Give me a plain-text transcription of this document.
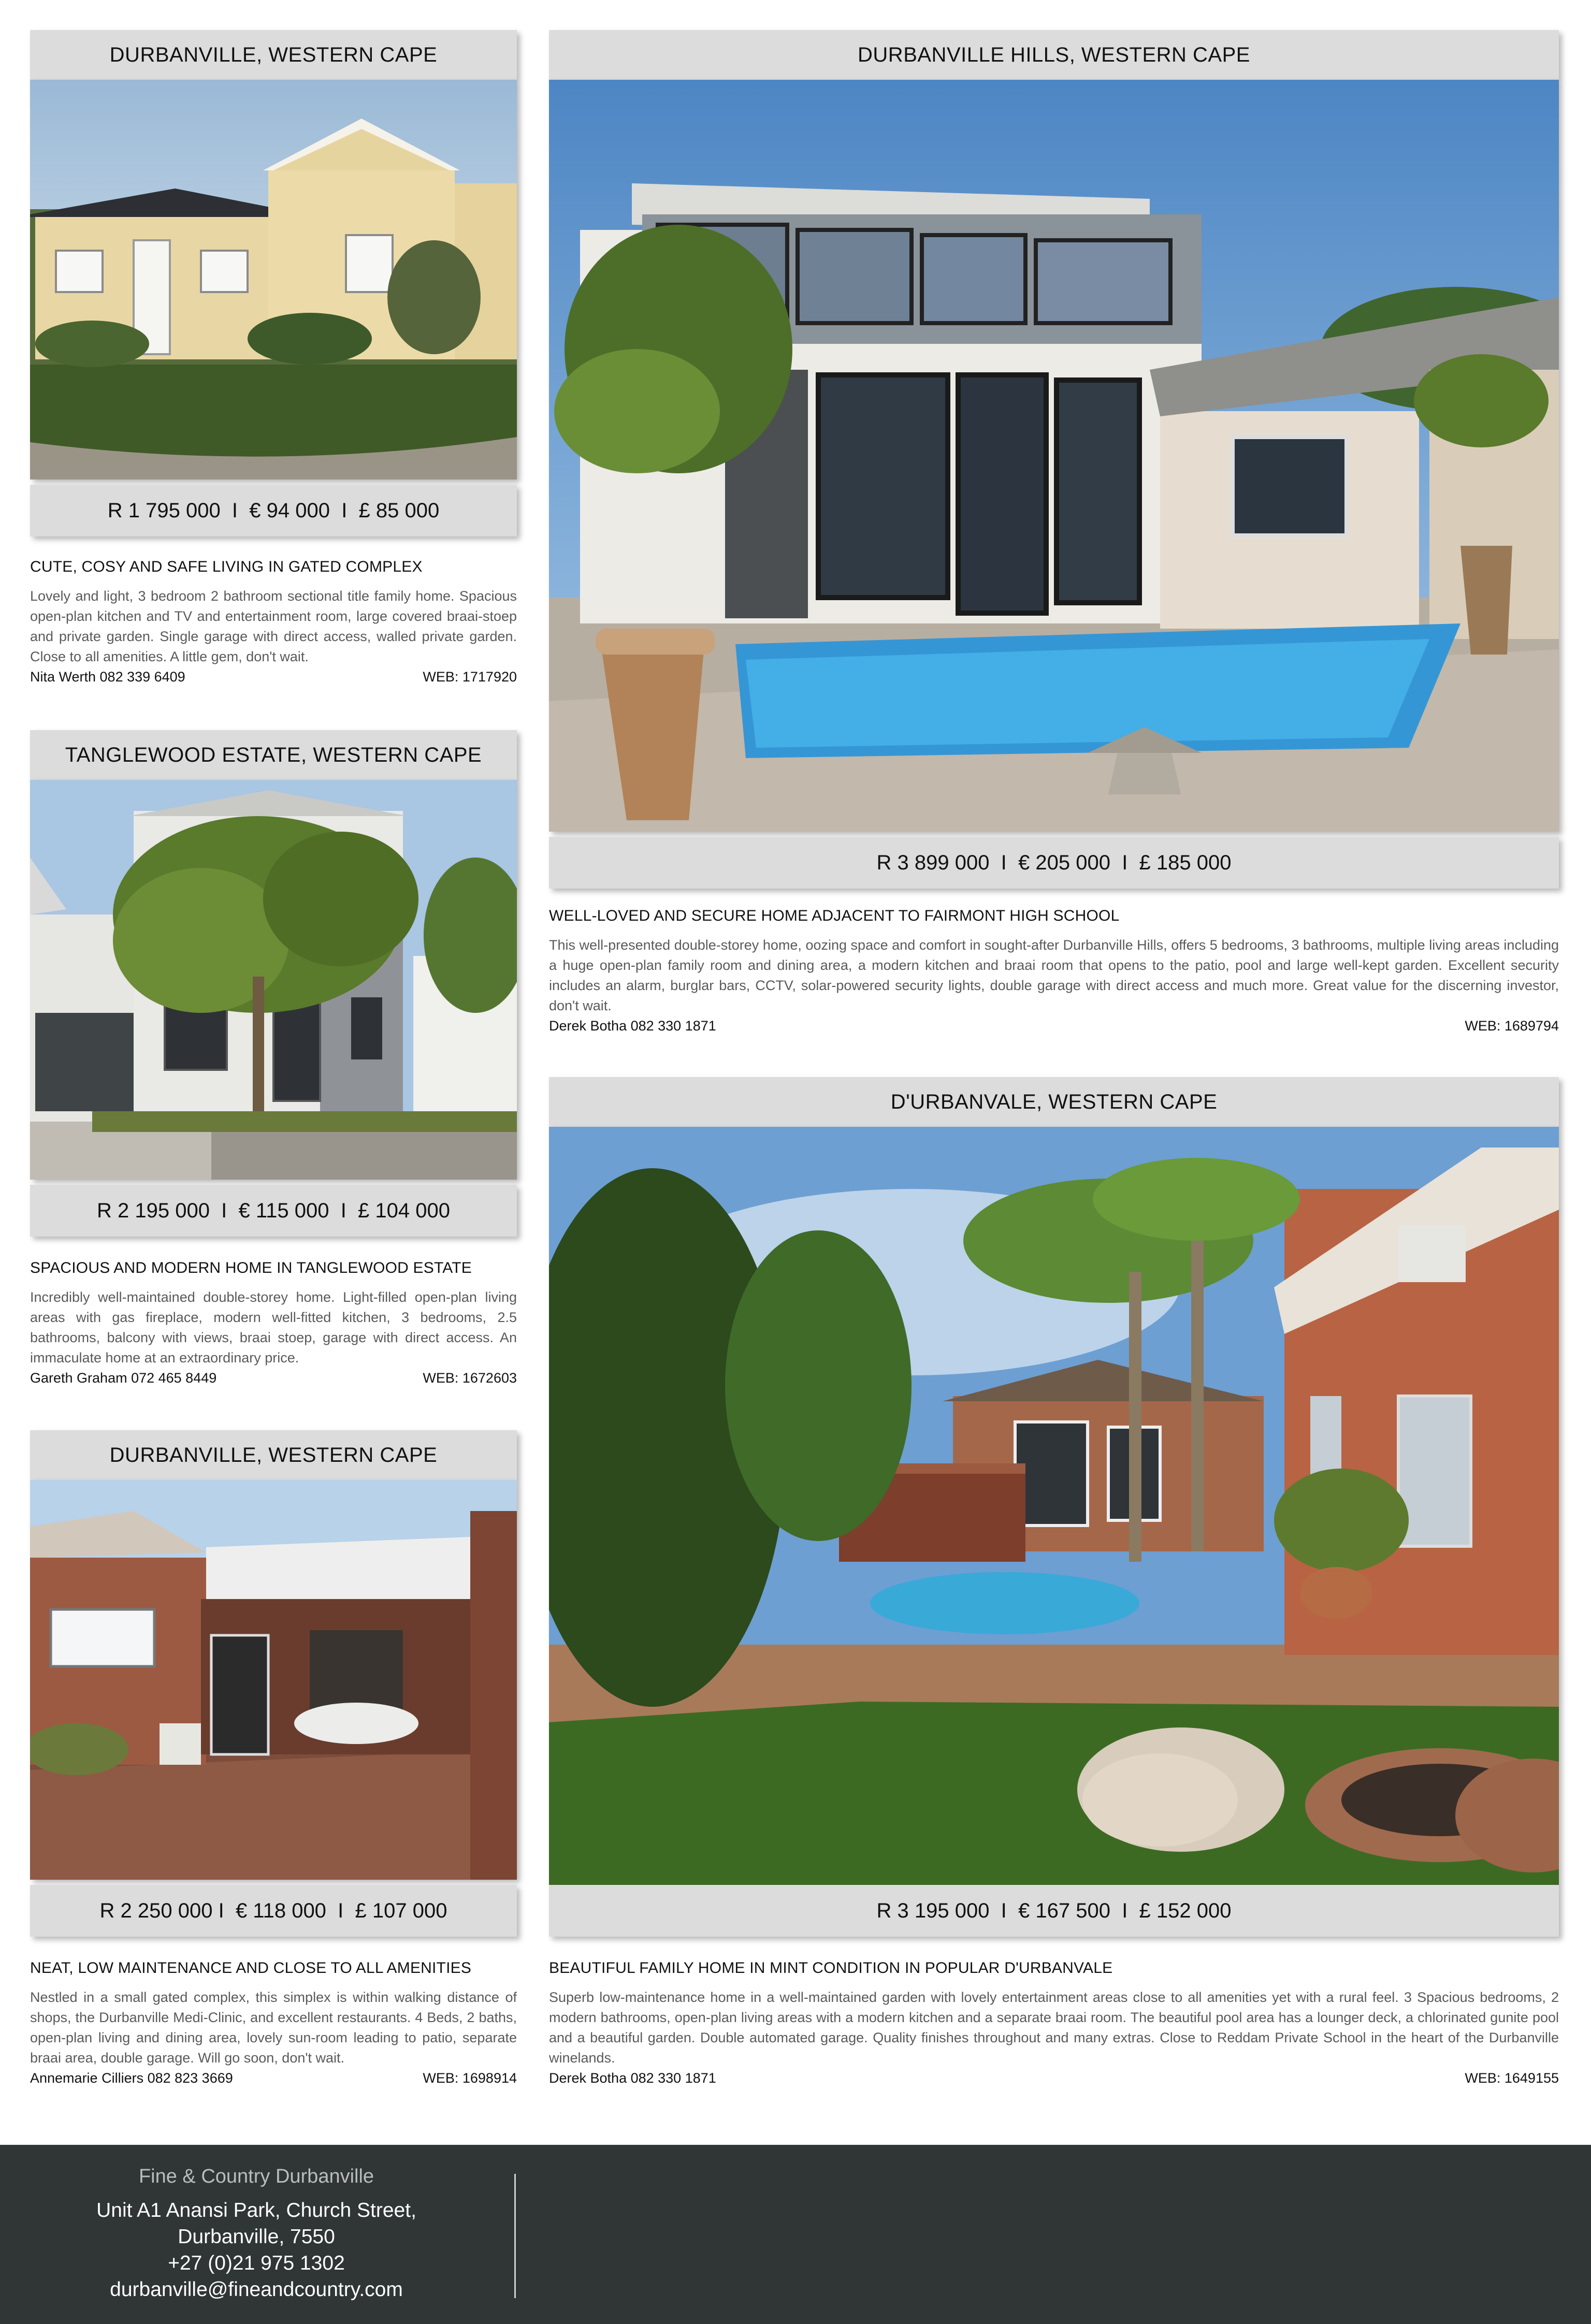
DURBANVILLE, WESTERN CAPE
R 1 795 000  I  € 94 000  I  £ 85 000
CUTE, COSY AND SAFE LIVING IN GATED COMPLEX

Lovely and light, 3 bedroom 2 bathroom sectional title family home. Spacious open-plan kitchen and TV and entertainment room, large covered braai-stoep and private garden. Single garage with direct access, walled private garden. Close to all amenities. A little gem, don't wait.

Nita Werth 082 339 6409	WEB: 1717920
TANGLEWOOD ESTATE, WESTERN CAPE
R 2 195 000  I  € 115 000  I  £ 104 000
SPACIOUS AND MODERN HOME IN TANGLEWOOD ESTATE

Incredibly well-maintained double-storey home. Light-filled open-plan living areas with gas fireplace, modern well-fitted kitchen, 3 bedrooms, 2.5 bathrooms, balcony with views, braai stoep, garage with direct access. An immaculate home at an extraordinary price.

Gareth Graham 072 465 8449	WEB: 1672603
DURBANVILLE, WESTERN CAPE
R 2 250 000 I  € 118 000  I  £ 107 000
NEAT, LOW MAINTENANCE AND CLOSE TO ALL AMENITIES

Nestled in a small gated complex, this simplex is within walking distance of shops, the Durbanville Medi-Clinic, and excellent restaurants. 4 Beds, 2 baths, open-plan living and dining area, lovely sun-room leading to patio, separate braai area, double garage. Will go soon, don't wait.

Annemarie Cilliers 082 823 3669	WEB: 1698914
DURBANVILLE HILLS, WESTERN CAPE
R 3 899 000  I  € 205 000  I  £ 185 000
WELL-LOVED AND SECURE HOME ADJACENT TO FAIRMONT HIGH SCHOOL

This well-presented double-storey home, oozing space and comfort in sought-after Durbanville Hills, offers 5 bedrooms, 3 bathrooms, multiple living areas including a huge open-plan family room and dining area, a modern kitchen and braai room that opens to the patio, pool and large well-kept garden. Excellent security includes an alarm, burglar bars, CCTV, solar-powered security lights, double garage with direct access and much more. Great value for the discerning investor, don't wait.

Derek Botha 082 330 1871	WEB: 1689794
D'URBANVALE, WESTERN CAPE
R 3 195 000  I  € 167 500  I  £ 152 000
BEAUTIFUL FAMILY HOME IN MINT CONDITION IN POPULAR D'URBANVALE

Superb low-maintenance home in a well-maintained garden with lovely entertainment areas close to all amenities yet with a rural feel. 3 Spacious bedrooms, 2 modern bathrooms, open-plan living areas with a modern kitchen and a separate braai room. The beautiful pool area has a lounger deck, a chlorinated gunite pool and a beautiful garden. Double automated garage. Quality finishes throughout and many extras. Close to Reddam Private School in the heart of the Durbanville winelands.

Derek Botha 082 330 1871	WEB: 1649155
Fine & Country Durbanville
Unit A1 Anansi Park, Church Street,
Durbanville, 7550
+27 (0)21 975 1302
durbanville@fineandcountry.com
